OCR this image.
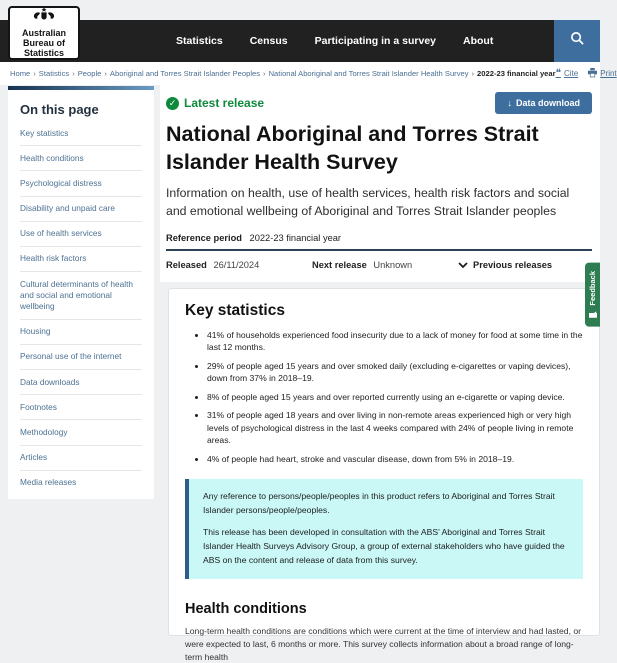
Australian
Bureau of
Statistics
Statistics	Census	Participating in a survey	About
Home › Statistics › People › Aboriginal and Torres Strait Islander Peoples › National Aboriginal and Torres Strait Islander Health Survey › 2022-23 financial year ❝ Cite	Print
On this page
Key statistics
Health conditions
Psychological distress
Disability and unpaid care
Use of health services
Health risk factors
Cultural determinants of health and social and emotional wellbeing
Housing
Personal use of the internet
Data downloads
Footnotes
Methodology
Articles
Media releases
✓ Latest release	↓ Data download
National Aboriginal and Torres Strait Islander Health Survey

Information on health, use of health services, health risk factors and social and emotional wellbeing of Aboriginal and Torres Strait Islander peoples

Reference period 2022-23 financial year
Released 26/11/2024	Next release Unknown	Previous releases
Key statistics
• 41% of households experienced food insecurity due to a lack of money for food at some time in the last 12 months.
• 29% of people aged 15 years and over smoked daily (excluding e-cigarettes or vaping devices), down from 37% in 2018–19.
• 8% of people aged 15 years and over reported currently using an e-cigarette or vaping device.
• 31% of people aged 18 years and over living in non-remote areas experienced high or very high levels of psychological distress in the last 4 weeks compared with 24% of people living in remote areas.
• 4% of people had heart, stroke and vascular disease, down from 5% in 2018–19.

Any reference to persons/people/peoples in this product refers to Aboriginal and Torres Strait Islander persons/people/peoples.

This release has been developed in consultation with the ABS’ Aboriginal and Torres Strait Islander Health Surveys Advisory Group, a group of external stakeholders who have guided the ABS on the content and release of data from this survey.

Health conditions

Long-term health conditions are conditions which were current at the time of interview and had lasted, or were expected to last, 6 months or more. This survey collects information about a broad range of long-term health

Feedback
